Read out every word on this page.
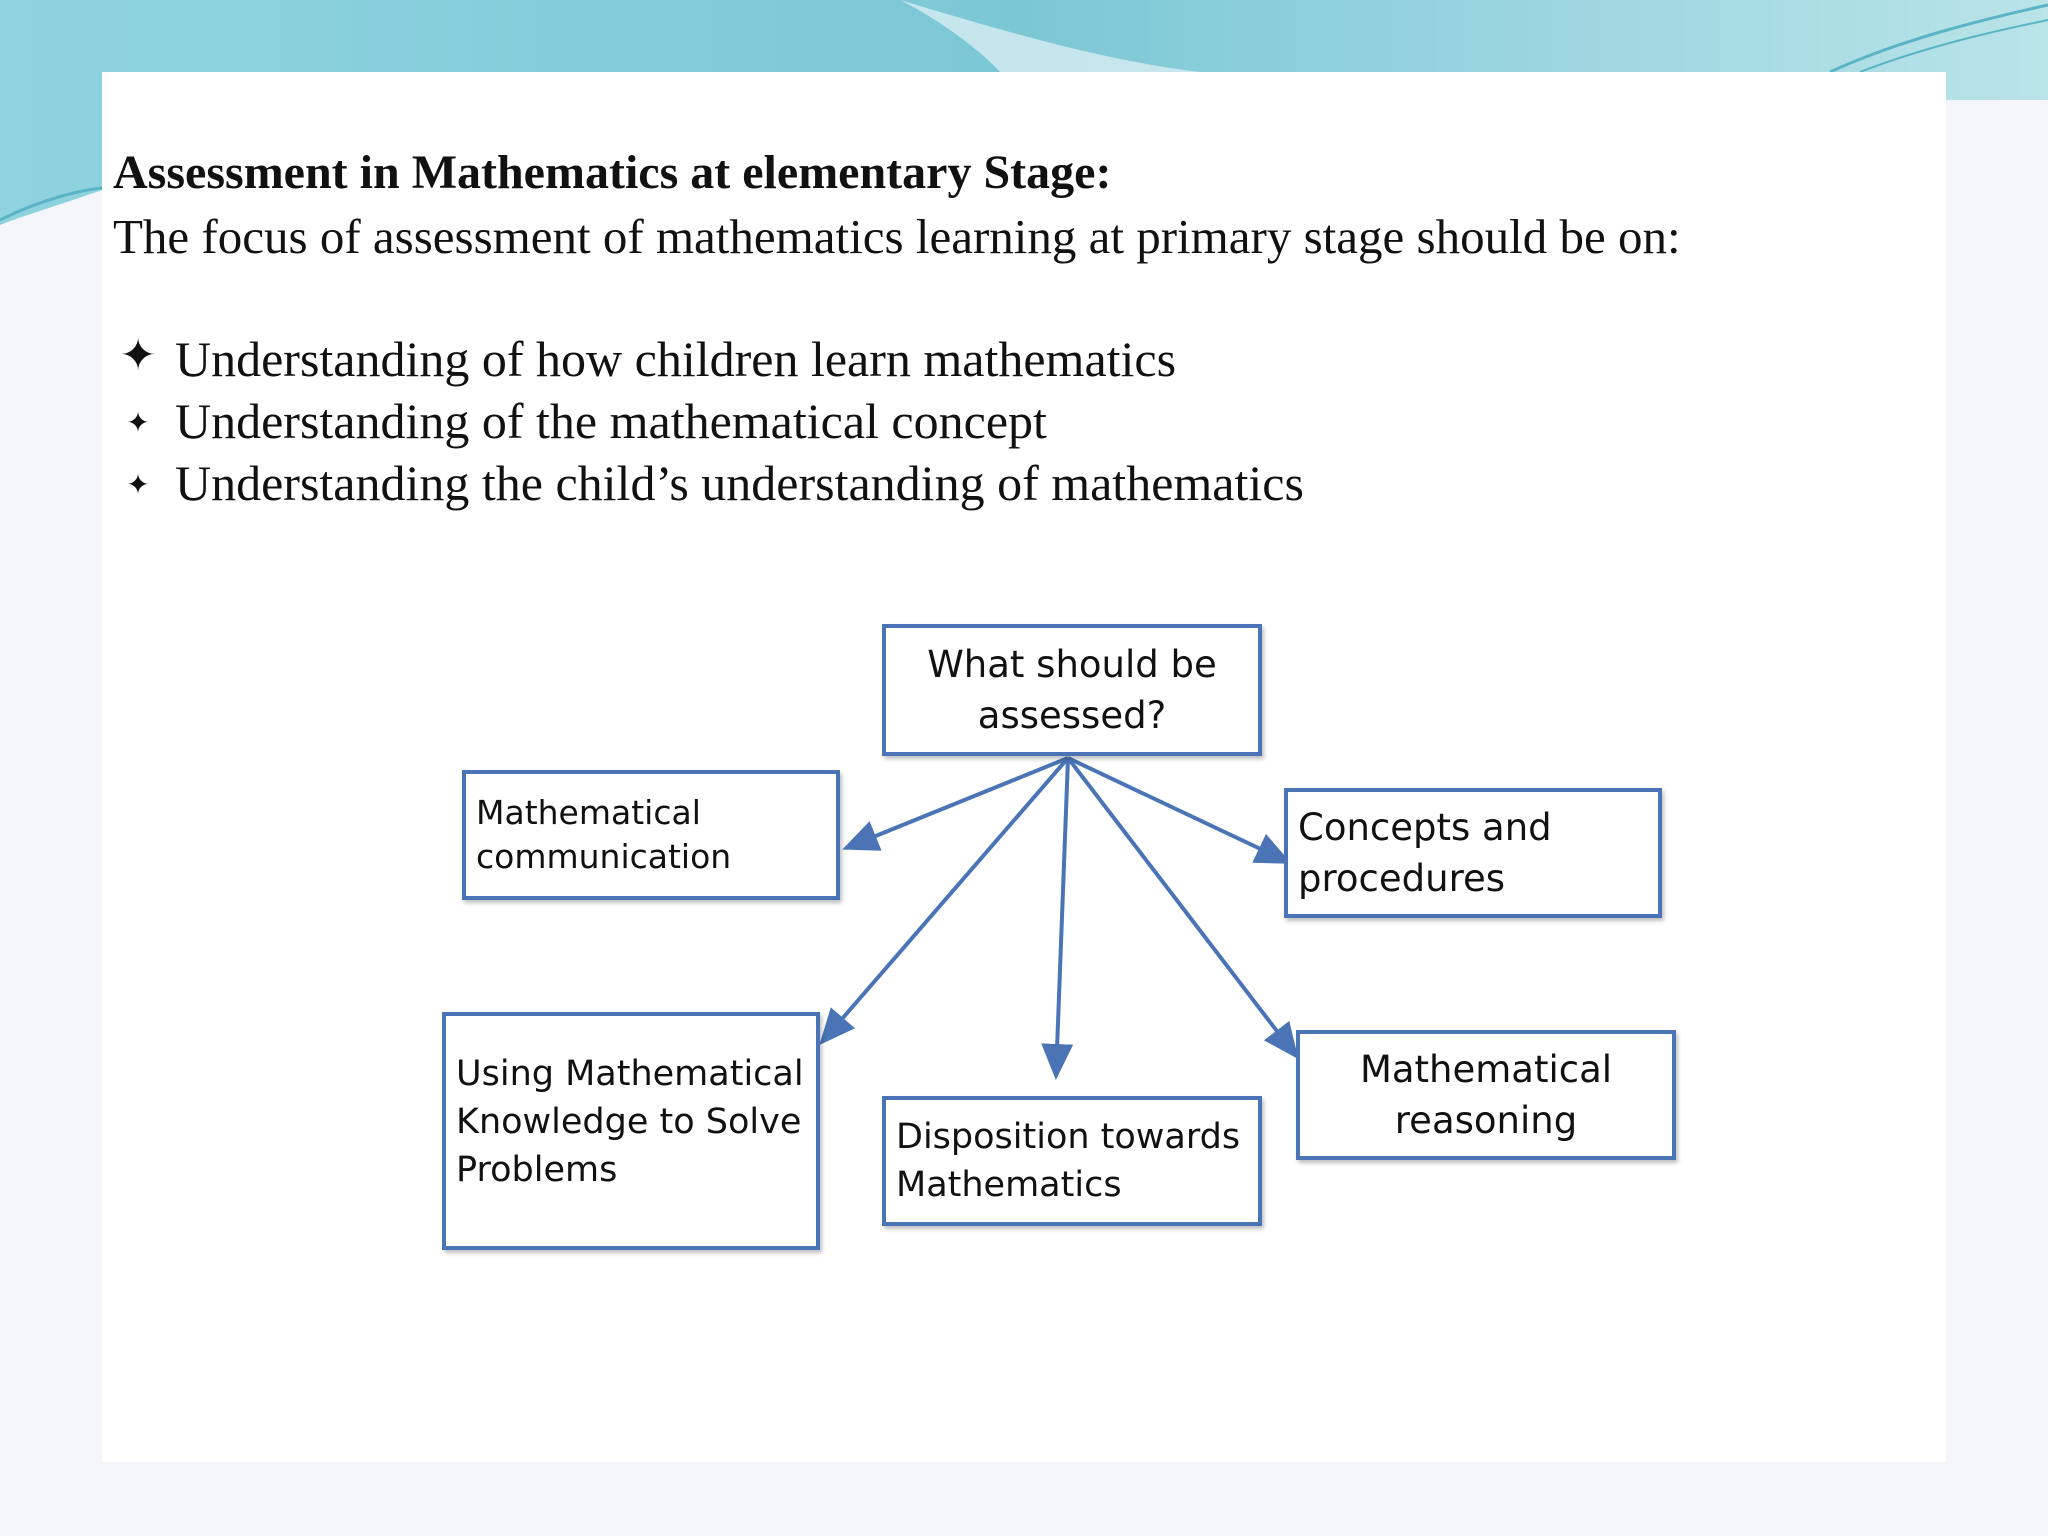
Assessment in Mathematics at elementary Stage:
The focus of assessment of mathematics learning at primary stage should be on:
✦ Understanding of how children learn mathematics
✦ Understanding of the mathematical concept
✦ Understanding the child’s understanding of mathematics
What should be
assessed?
Mathematical
communication
Concepts and
procedures
Using Mathematical
Knowledge to Solve
Problems
Disposition towards
Mathematics
Mathematical
reasoning
